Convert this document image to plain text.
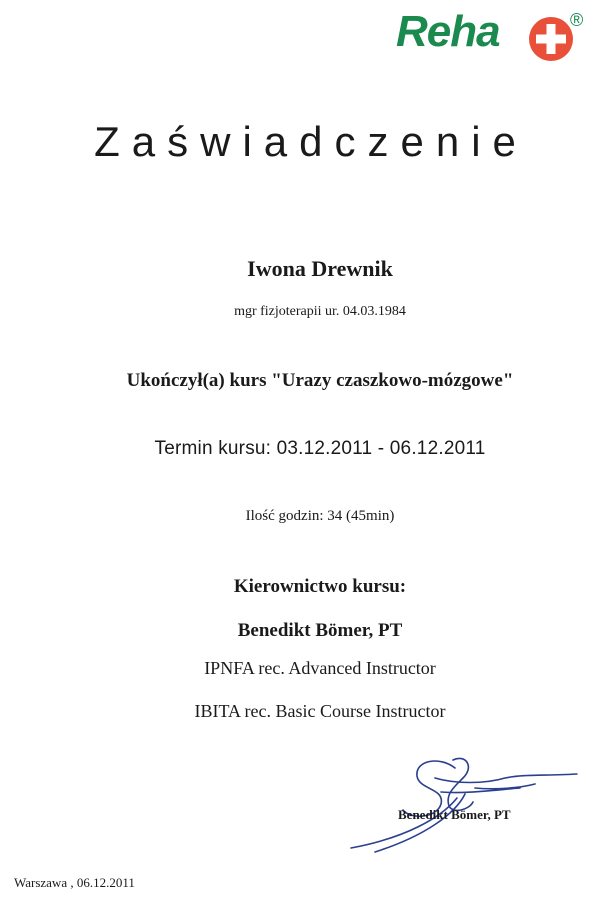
Reha	®
Zaświadczenie
Iwona Drewnik
mgr fizjoterapii ur. 04.03.1984
Ukończył(a) kurs "Urazy czaszkowo-mózgowe"
Termin kursu: 03.12.2011 - 06.12.2011
Ilość godzin: 34 (45min)
Kierownictwo kursu:
Benedikt Bömer, PT
IPNFA rec. Advanced Instructor
IBITA rec. Basic Course Instructor
Benedikt Bömer, PT
Warszawa , 06.12.2011
